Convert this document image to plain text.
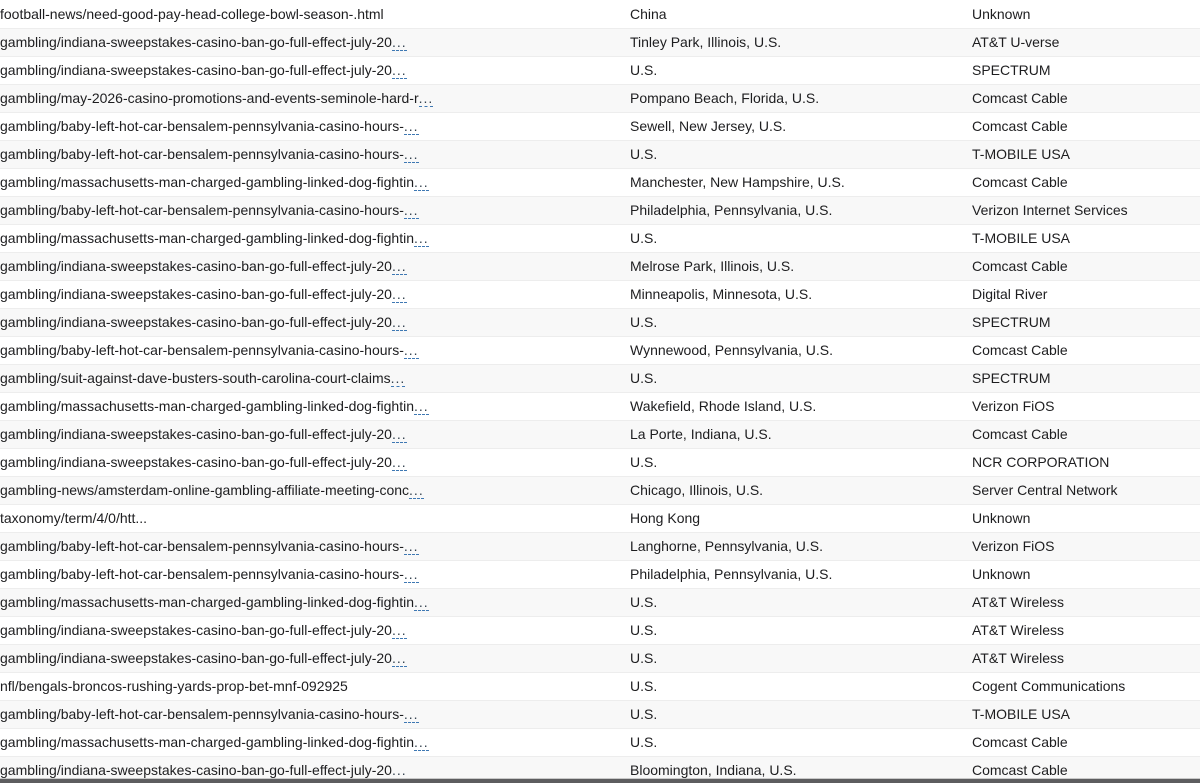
football-news/need-good-pay-head-college-bowl-season-.html	China	Unknown
gambling/indiana-sweepstakes-casino-ban-go-full-effect-july-20...	Tinley Park, Illinois, U.S.	AT&T U-verse
gambling/indiana-sweepstakes-casino-ban-go-full-effect-july-20...	U.S.	SPECTRUM
gambling/may-2026-casino-promotions-and-events-seminole-hard-r...	Pompano Beach, Florida, U.S.	Comcast Cable
gambling/baby-left-hot-car-bensalem-pennsylvania-casino-hours-...	Sewell, New Jersey, U.S.	Comcast Cable
gambling/baby-left-hot-car-bensalem-pennsylvania-casino-hours-...	U.S.	T-MOBILE USA
gambling/massachusetts-man-charged-gambling-linked-dog-fightin...	Manchester, New Hampshire, U.S.	Comcast Cable
gambling/baby-left-hot-car-bensalem-pennsylvania-casino-hours-...	Philadelphia, Pennsylvania, U.S.	Verizon Internet Services
gambling/massachusetts-man-charged-gambling-linked-dog-fightin...	U.S.	T-MOBILE USA
gambling/indiana-sweepstakes-casino-ban-go-full-effect-july-20...	Melrose Park, Illinois, U.S.	Comcast Cable
gambling/indiana-sweepstakes-casino-ban-go-full-effect-july-20...	Minneapolis, Minnesota, U.S.	Digital River
gambling/indiana-sweepstakes-casino-ban-go-full-effect-july-20...	U.S.	SPECTRUM
gambling/baby-left-hot-car-bensalem-pennsylvania-casino-hours-...	Wynnewood, Pennsylvania, U.S.	Comcast Cable
gambling/suit-against-dave-busters-south-carolina-court-claims...	U.S.	SPECTRUM
gambling/massachusetts-man-charged-gambling-linked-dog-fightin...	Wakefield, Rhode Island, U.S.	Verizon FiOS
gambling/indiana-sweepstakes-casino-ban-go-full-effect-july-20...	La Porte, Indiana, U.S.	Comcast Cable
gambling/indiana-sweepstakes-casino-ban-go-full-effect-july-20...	U.S.	NCR CORPORATION
gambling-news/amsterdam-online-gambling-affiliate-meeting-conc...	Chicago, Illinois, U.S.	Server Central Network
taxonomy/term/4/0/htt...	Hong Kong	Unknown
gambling/baby-left-hot-car-bensalem-pennsylvania-casino-hours-...	Langhorne, Pennsylvania, U.S.	Verizon FiOS
gambling/baby-left-hot-car-bensalem-pennsylvania-casino-hours-...	Philadelphia, Pennsylvania, U.S.	Unknown
gambling/massachusetts-man-charged-gambling-linked-dog-fightin...	U.S.	AT&T Wireless
gambling/indiana-sweepstakes-casino-ban-go-full-effect-july-20...	U.S.	AT&T Wireless
gambling/indiana-sweepstakes-casino-ban-go-full-effect-july-20...	U.S.	AT&T Wireless
nfl/bengals-broncos-rushing-yards-prop-bet-mnf-092925	U.S.	Cogent Communications
gambling/baby-left-hot-car-bensalem-pennsylvania-casino-hours-...	U.S.	T-MOBILE USA
gambling/massachusetts-man-charged-gambling-linked-dog-fightin...	U.S.	Comcast Cable
gambling/indiana-sweepstakes-casino-ban-go-full-effect-july-20...	Bloomington, Indiana, U.S.	Comcast Cable
